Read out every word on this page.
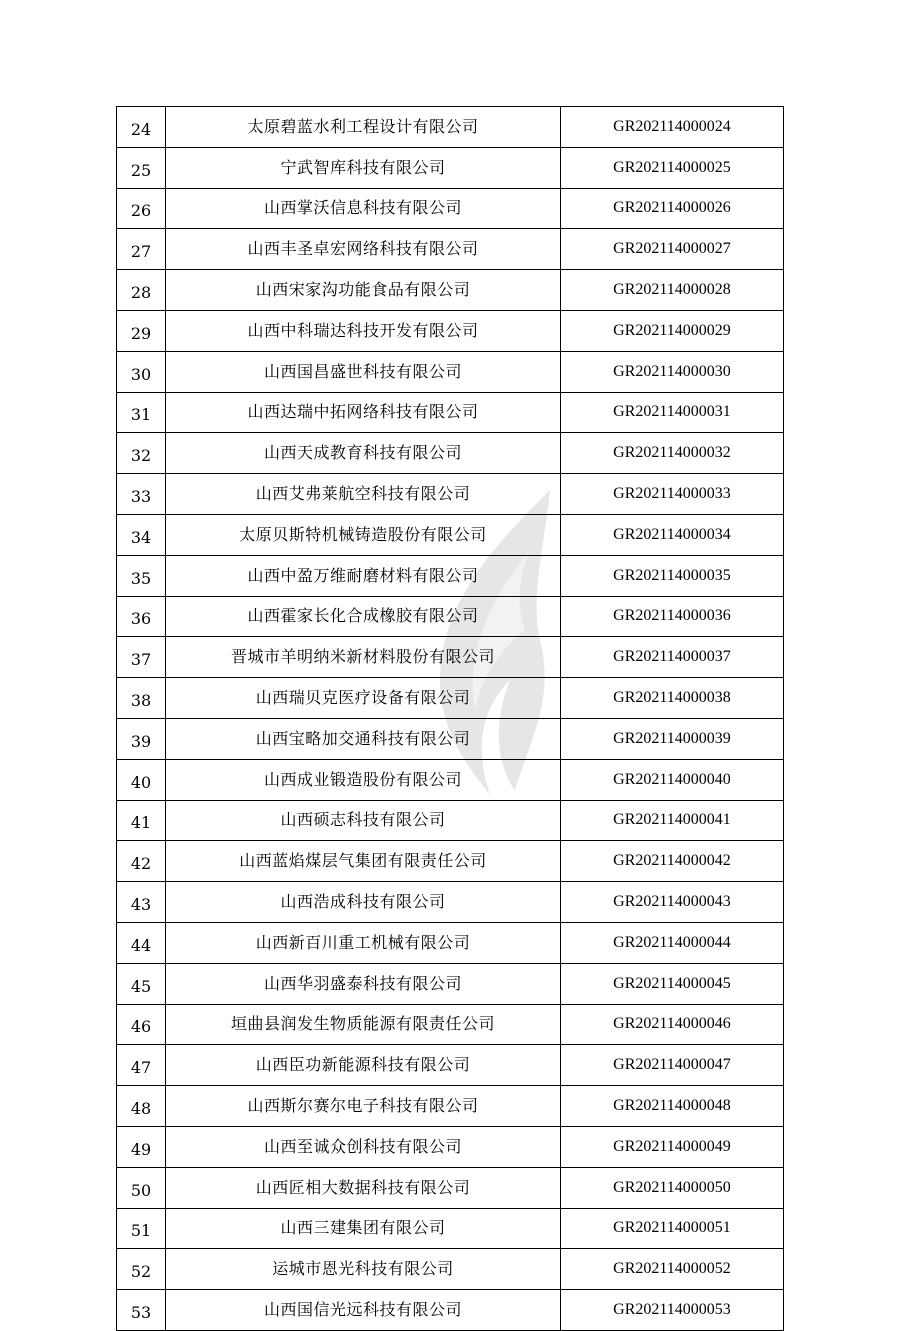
24	太原碧蓝水利工程设计有限公司	GR202114000024
25	宁武智库科技有限公司	GR202114000025
26	山西掌沃信息科技有限公司	GR202114000026
27	山西丰圣卓宏网络科技有限公司	GR202114000027
28	山西宋家沟功能食品有限公司	GR202114000028
29	山西中科瑞达科技开发有限公司	GR202114000029
30	山西国昌盛世科技有限公司	GR202114000030
31	山西达瑞中拓网络科技有限公司	GR202114000031
32	山西天成教育科技有限公司	GR202114000032
33	山西艾弗莱航空科技有限公司	GR202114000033
34	太原贝斯特机械铸造股份有限公司	GR202114000034
35	山西中盈万维耐磨材料有限公司	GR202114000035
36	山西霍家长化合成橡胶有限公司	GR202114000036
37	晋城市羊明纳米新材料股份有限公司	GR202114000037
38	山西瑞贝克医疗设备有限公司	GR202114000038
39	山西宝略加交通科技有限公司	GR202114000039
40	山西成业锻造股份有限公司	GR202114000040
41	山西硕志科技有限公司	GR202114000041
42	山西蓝焰煤层气集团有限责任公司	GR202114000042
43	山西浩成科技有限公司	GR202114000043
44	山西新百川重工机械有限公司	GR202114000044
45	山西华羽盛泰科技有限公司	GR202114000045
46	垣曲县润发生物质能源有限责任公司	GR202114000046
47	山西臣功新能源科技有限公司	GR202114000047
48	山西斯尔赛尔电子科技有限公司	GR202114000048
49	山西至诚众创科技有限公司	GR202114000049
50	山西匠相大数据科技有限公司	GR202114000050
51	山西三建集团有限公司	GR202114000051
52	运城市恩光科技有限公司	GR202114000052
53	山西国信光远科技有限公司	GR202114000053
